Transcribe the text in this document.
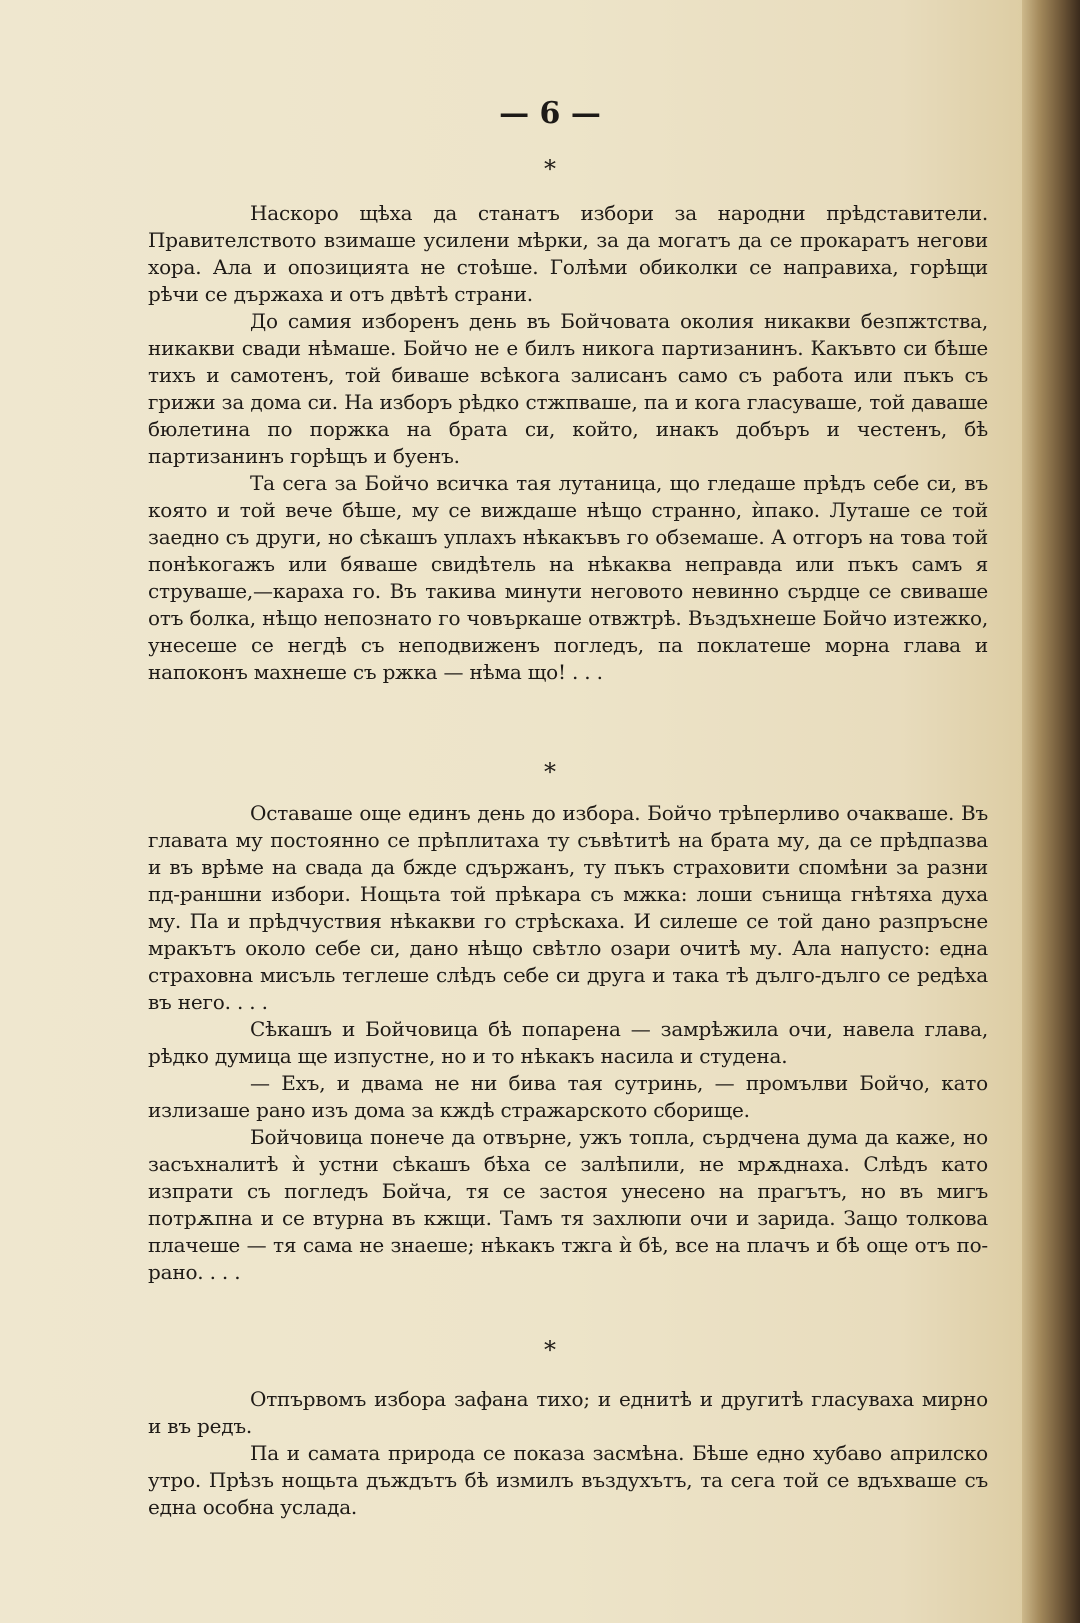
— 6 —
*

Наскоро щѣха да станатъ избори за народни прѣдставители. Правителството взимаше усилени мѣрки, за да могатъ да се прокаратъ негови хора. Ала и опозицията не стоѣше. Голѣми обиколки се направиха, горѣщи рѣчи се държаха и отъ двѣтѣ страни.

До самия изборенъ день въ Бойчовата околия никакви безпжтства, никакви свади нѣмаше. Бойчо не е билъ никога партизанинъ. Какъвто си бѣше тихъ и самотенъ, той биваше всѣкога залисанъ само съ работа или пъкъ съ грижи за дома си. На изборъ рѣдко стжпваше, па и кога гласуваше, той даваше бюлетина по поржка на брата си, който, инакъ добъръ и честенъ, бѣ партизанинъ горѣщъ и буенъ.

Та сега за Бойчо всичка тая лутаница, що гледаше прѣдъ себе си, въ която и той вече бѣше, му се виждаше нѣщо странно, ѝпако. Луташе се той заедно съ други, но сѣкашъ уплахъ нѣкакъвъ го обземаше. А отгоръ на това той понѣкогажъ или бяваше свидѣтель на нѣкаква неправда или пъкъ самъ я струваше,—караха го. Въ такива минути неговото невинно сърдце се свиваше отъ болка, нѣщо непознато го човъркаше отвжтрѣ. Въздъхнеше Бойчо изтежко, унесеше се негдѣ съ неподвиженъ погледъ, па поклатеше морна глава и напоконъ махнеше съ ржка — нѣма що! . . .

*

Оставаше още единъ день до избора. Бойчо трѣперливо очакваше. Въ главата му постоянно се прѣплитаха ту съвѣтитѣ на брата му, да се прѣдпазва и въ врѣме на свада да бжде сдържанъ, ту пъкъ страховити спомѣни за разни пд-раншни избори. Нощьта той прѣкара съ мжка: лоши сънища гнѣтяха духа му. Па и прѣдчуствия нѣкакви го стрѣскаха. И силеше се той дано разпръсне мракътъ около себе си, дано нѣщо свѣтло озари очитѣ му. Ала напусто: една страховна мисъль теглеше слѣдъ себе си друга и така тѣ дълго-дълго се редѣха въ него. . . .

Сѣкашъ и Бойчовица бѣ попарена — замрѣжила очи, навела глава, рѣдко думица ще изпустне, но и то нѣкакъ насила и студена.

— Ехъ, и двама не ни бива тая сутринь, — промълви Бойчо, като излизаше рано изъ дома за кждѣ стражарското сборище.

Бойчовица понече да отвърне, ужъ топла, сърдчена дума да каже, но засъхналитѣ ѝ устни сѣкашъ бѣха се залѣпили, не мрѫднаха. Слѣдъ като изпрати съ погледъ Бойча, тя се застоя унесено на прагътъ, но въ мигъ потрѫпна и се втурна въ кжщи. Тамъ тя захлюпи очи и зарида. Защо толкова плачеше — тя сама не знаеше; нѣкакъ тжга ѝ бѣ, все на плачъ и бѣ още отъ по-рано. . . .

*

Отпървомъ избора зафана тихо; и еднитѣ и другитѣ гласуваха мирно и въ редъ.

Па и самата природа се показа засмѣна. Бѣше едно хубаво априлско утро. Прѣзъ нощьта дъждътъ бѣ измилъ въздухътъ, та сега той се вдъхваше съ една особна услада.
